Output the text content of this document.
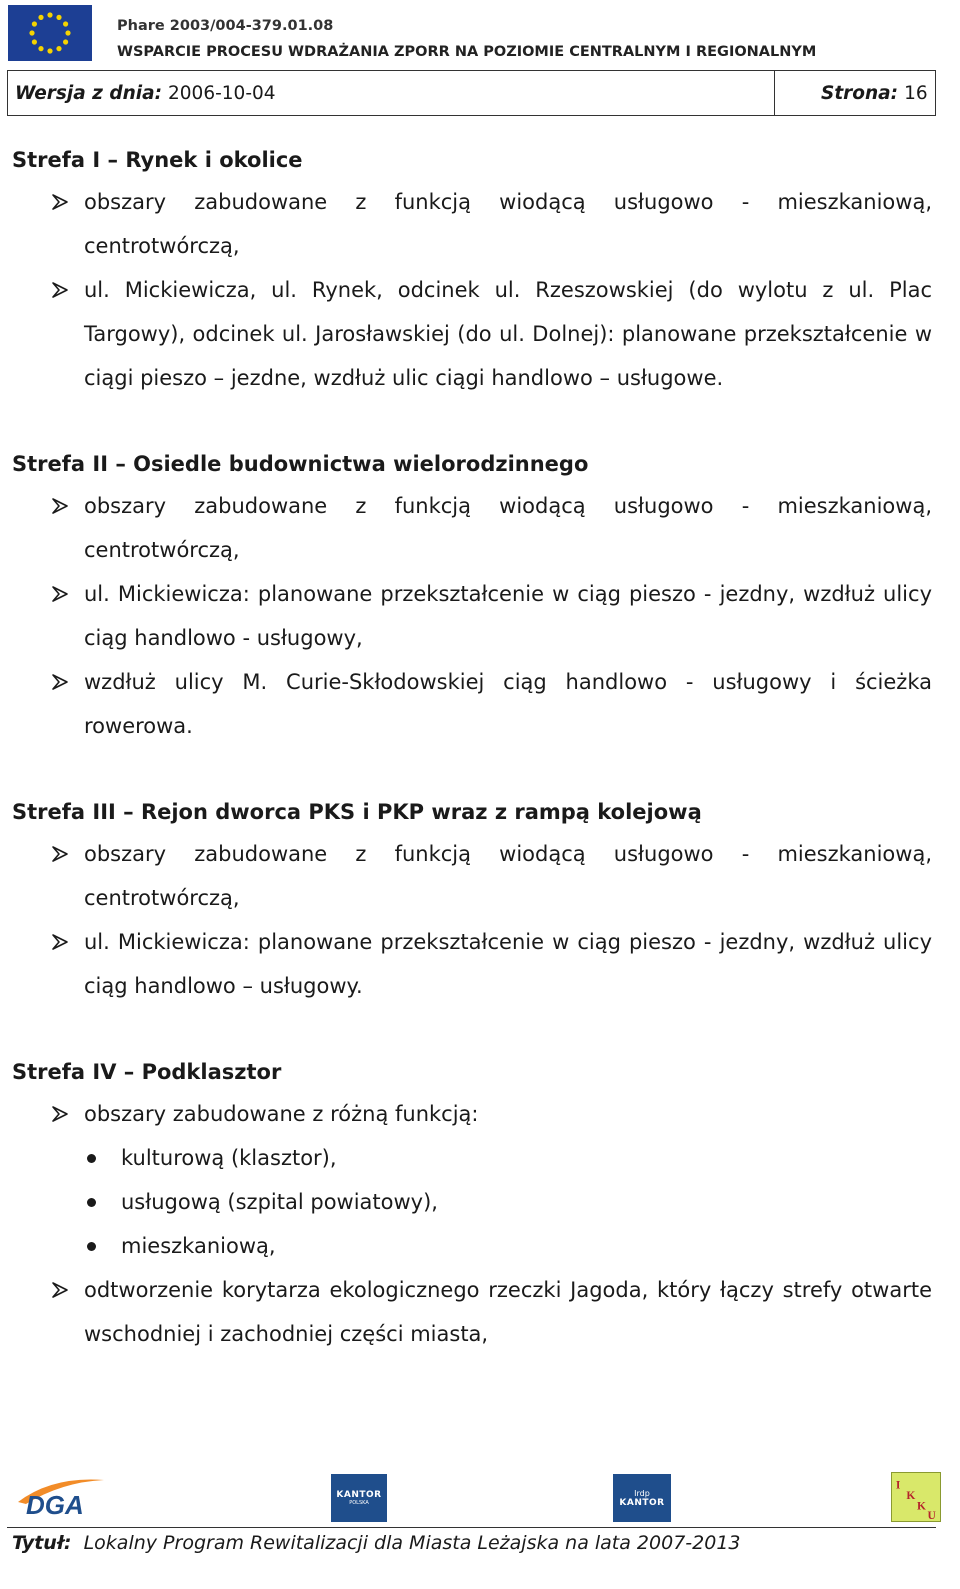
Phare 2003/004-379.01.08
WSPARCIE PROCESU WDRAŻANIA ZPORR NA POZIOMIE CENTRALNYM I REGIONALNYM
Wersja z dnia: 2006-10-04	Strona: 16
Strefa I – Rynek i okolice
obszary zabudowane z funkcją wiodącą usługowo - mieszkaniową, centrotwórczą,
ul. Mickiewicza, ul. Rynek, odcinek ul. Rzeszowskiej (do wylotu z ul. Plac Targowy), odcinek ul. Jarosławskiej (do ul. Dolnej): planowane przekształcenie w ciągi pieszo – jezdne, wzdłuż ulic ciągi handlowo – usługowe.
Strefa II – Osiedle budownictwa wielorodzinnego
obszary zabudowane z funkcją wiodącą usługowo - mieszkaniową, centrotwórczą,
ul. Mickiewicza: planowane przekształcenie w ciąg pieszo - jezdny, wzdłuż ulicy ciąg handlowo - usługowy,
wzdłuż ulicy M. Curie-Skłodowskiej ciąg handlowo - usługowy i ścieżka rowerowa.
Strefa III – Rejon dworca PKS i PKP wraz z rampą kolejową
obszary zabudowane z funkcją wiodącą usługowo - mieszkaniową, centrotwórczą,
ul. Mickiewicza: planowane przekształcenie w ciąg pieszo - jezdny, wzdłuż ulicy ciąg handlowo – usługowy.
Strefa IV – Podklasztor
obszary zabudowane z różną funkcją:
kulturową (klasztor),
usługową (szpital powiatowy),
mieszkaniową,
odtworzenie korytarza ekologicznego rzeczki Jagoda, który łączy strefy otwarte wschodniej i zachodniej części miasta,
DGA	KANTOR
POLSKA
Irdp
KANTOR
I
K
K
U
Tytuł: Lokalny Program Rewitalizacji dla Miasta Leżajska na lata 2007-2013
